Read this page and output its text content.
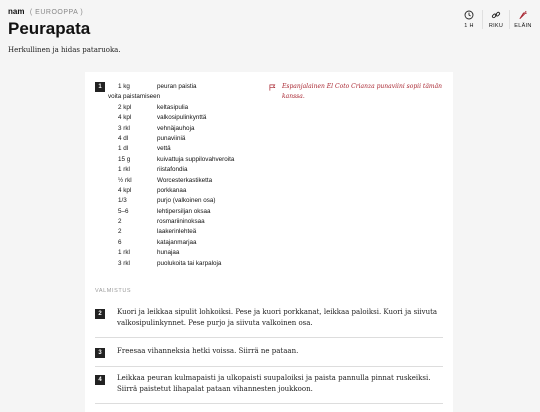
nam ( EUROOPPA )
Peurapata
Herkullinen ja hidas pataruoka.
1 H	RIKU ELÄIN
1	1 kg	peuran paistia
voita paistamiseen
2 kpl	keltasipulia
4 kpl	valkosipulinkynttä
3 rkl	vehnäjauhoja
4 dl	punaviiniä
1 dl	vettä
15 g	kuivattuja suppilovahveroita
1 rkl	riistafondia
½ rkl	Worcesterkastiketta
4 kpl	porkkanaa
1/3	purjo (valkoinen osa)
5–6	lehtipersiljan oksaa
2	rosmariininoksaa
2	laakerinlehteä
6	katajanmarjaa
1 rkl	hunajaa
3 rkl	puolukoita tai karpaloja
Espanjalainen El Coto Crianza punaviini sopii tämän kanssa.
VALMISTUS
2	Kuori ja leikkaa sipulit lohkoiksi. Pese ja kuori porkkanat, leikkaa paloiksi. Kuori ja siivuta valkosipulinkynnet. Pese purjo ja siivuta valkoinen osa.
3	Freesaa vihanneksia hetki voissa. Siirrä ne pataan.
4	Leikkaa peuran kulmapaisti ja ulkopaisti suupaloiksi ja paista pannulla pinnat ruskeiksi. Siirrä paistetut lihapalat pataan vihannesten joukkoon.
